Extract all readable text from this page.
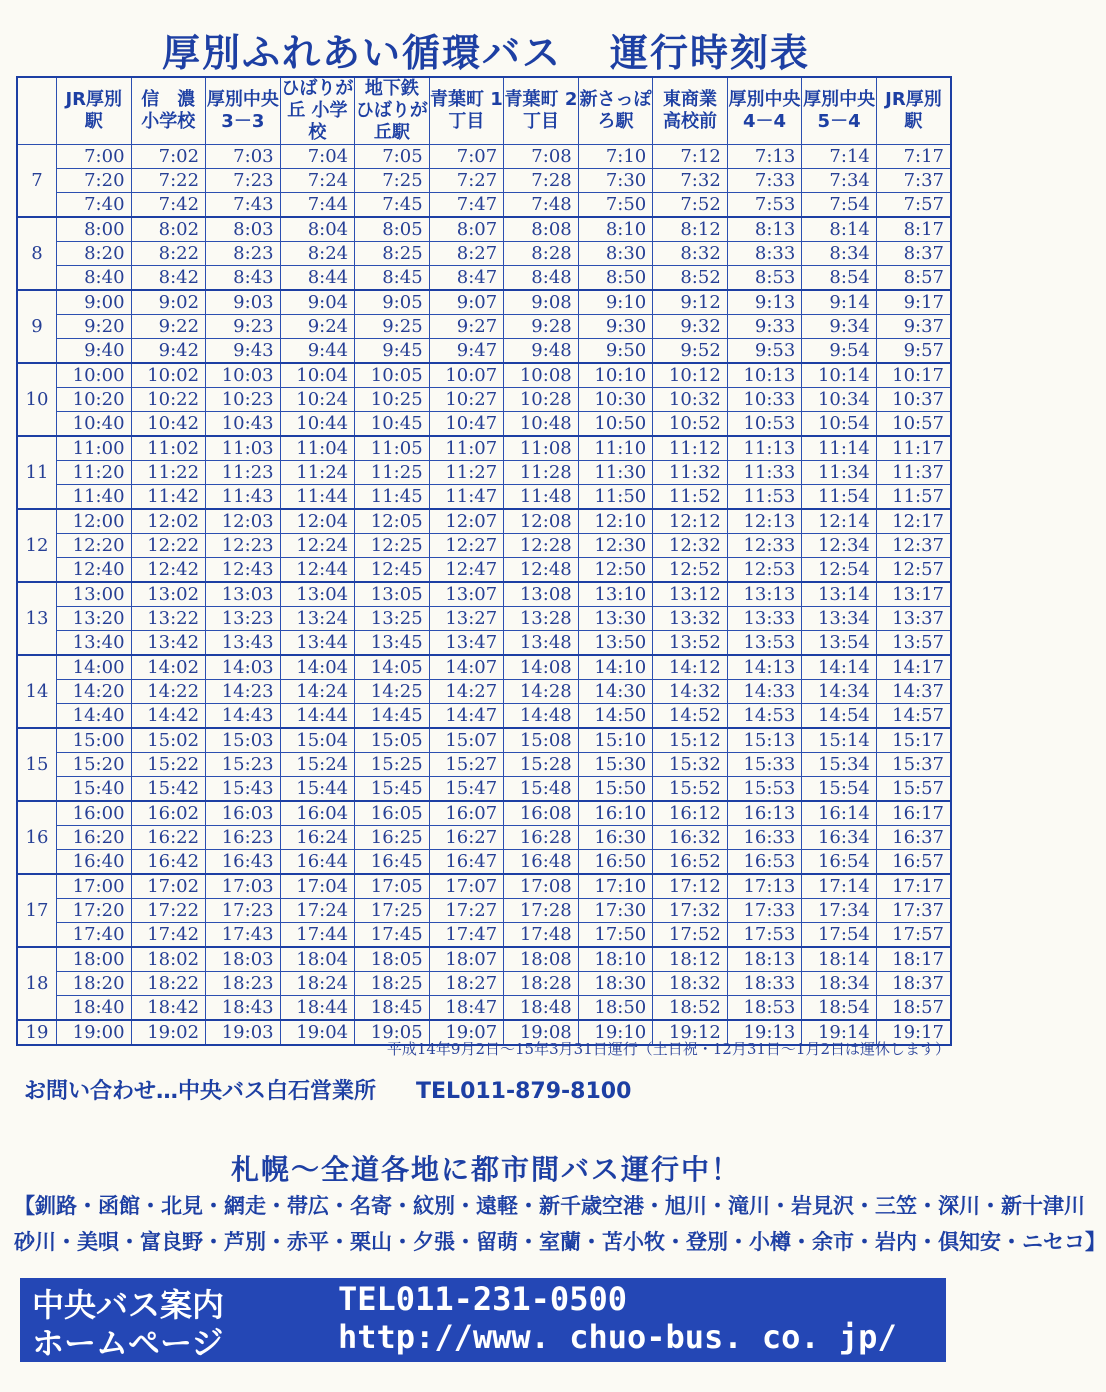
厚別ふれあい循環バス 運行時刻表
	JR厚別駅	信　濃 小学校	厚別中央 3－3	ひばりが丘 小学校	地下鉄 ひばりが丘駅	青葉町 1丁目	青葉町 2丁目	新さっぽろ駅	東商業 高校前	厚別中央 4－4	厚別中央 5－4	JR厚別駅
7	7:00	7:02	7:03	7:04	7:05	7:07	7:08	7:10	7:12	7:13	7:14	7:17
	7:20	7:22	7:23	7:24	7:25	7:27	7:28	7:30	7:32	7:33	7:34	7:37
	7:40	7:42	7:43	7:44	7:45	7:47	7:48	7:50	7:52	7:53	7:54	7:57
8	8:00	8:02	8:03	8:04	8:05	8:07	8:08	8:10	8:12	8:13	8:14	8:17
	8:20	8:22	8:23	8:24	8:25	8:27	8:28	8:30	8:32	8:33	8:34	8:37
	8:40	8:42	8:43	8:44	8:45	8:47	8:48	8:50	8:52	8:53	8:54	8:57
9	9:00	9:02	9:03	9:04	9:05	9:07	9:08	9:10	9:12	9:13	9:14	9:17
	9:20	9:22	9:23	9:24	9:25	9:27	9:28	9:30	9:32	9:33	9:34	9:37
	9:40	9:42	9:43	9:44	9:45	9:47	9:48	9:50	9:52	9:53	9:54	9:57
10	10:00	10:02	10:03	10:04	10:05	10:07	10:08	10:10	10:12	10:13	10:14	10:17
	10:20	10:22	10:23	10:24	10:25	10:27	10:28	10:30	10:32	10:33	10:34	10:37
	10:40	10:42	10:43	10:44	10:45	10:47	10:48	10:50	10:52	10:53	10:54	10:57
11	11:00	11:02	11:03	11:04	11:05	11:07	11:08	11:10	11:12	11:13	11:14	11:17
	11:20	11:22	11:23	11:24	11:25	11:27	11:28	11:30	11:32	11:33	11:34	11:37
	11:40	11:42	11:43	11:44	11:45	11:47	11:48	11:50	11:52	11:53	11:54	11:57
12	12:00	12:02	12:03	12:04	12:05	12:07	12:08	12:10	12:12	12:13	12:14	12:17
	12:20	12:22	12:23	12:24	12:25	12:27	12:28	12:30	12:32	12:33	12:34	12:37
	12:40	12:42	12:43	12:44	12:45	12:47	12:48	12:50	12:52	12:53	12:54	12:57
13	13:00	13:02	13:03	13:04	13:05	13:07	13:08	13:10	13:12	13:13	13:14	13:17
	13:20	13:22	13:23	13:24	13:25	13:27	13:28	13:30	13:32	13:33	13:34	13:37
	13:40	13:42	13:43	13:44	13:45	13:47	13:48	13:50	13:52	13:53	13:54	13:57
14	14:00	14:02	14:03	14:04	14:05	14:07	14:08	14:10	14:12	14:13	14:14	14:17
	14:20	14:22	14:23	14:24	14:25	14:27	14:28	14:30	14:32	14:33	14:34	14:37
	14:40	14:42	14:43	14:44	14:45	14:47	14:48	14:50	14:52	14:53	14:54	14:57
15	15:00	15:02	15:03	15:04	15:05	15:07	15:08	15:10	15:12	15:13	15:14	15:17
	15:20	15:22	15:23	15:24	15:25	15:27	15:28	15:30	15:32	15:33	15:34	15:37
	15:40	15:42	15:43	15:44	15:45	15:47	15:48	15:50	15:52	15:53	15:54	15:57
16	16:00	16:02	16:03	16:04	16:05	16:07	16:08	16:10	16:12	16:13	16:14	16:17
	16:20	16:22	16:23	16:24	16:25	16:27	16:28	16:30	16:32	16:33	16:34	16:37
	16:40	16:42	16:43	16:44	16:45	16:47	16:48	16:50	16:52	16:53	16:54	16:57
17	17:00	17:02	17:03	17:04	17:05	17:07	17:08	17:10	17:12	17:13	17:14	17:17
	17:20	17:22	17:23	17:24	17:25	17:27	17:28	17:30	17:32	17:33	17:34	17:37
	17:40	17:42	17:43	17:44	17:45	17:47	17:48	17:50	17:52	17:53	17:54	17:57
18	18:00	18:02	18:03	18:04	18:05	18:07	18:08	18:10	18:12	18:13	18:14	18:17
	18:20	18:22	18:23	18:24	18:25	18:27	18:28	18:30	18:32	18:33	18:34	18:37
	18:40	18:42	18:43	18:44	18:45	18:47	18:48	18:50	18:52	18:53	18:54	18:57
19	19:00	19:02	19:03	19:04	19:05	19:07	19:08	19:10	19:12	19:13	19:14	19:17
平成14年9月2日～15年3月31日運行（土日祝・12月31日～1月2日は運休します）
お問い合わせ…中央バス白石営業所 TEL011-879-8100
札幌～全道各地に都市間バス運行中！
【釧路・函館・北見・網走・帯広・名寄・紋別・遠軽・新千歳空港・旭川・滝川・岩見沢・三笠・深川・新十津川
砂川・美唄・富良野・芦別・赤平・栗山・夕張・留萌・室蘭・苫小牧・登別・小樽・余市・岩内・倶知安・ニセコ】
中央バス案内
ホームページ
TEL011-231-0500
http://www. chuo-bus. co. jp/
